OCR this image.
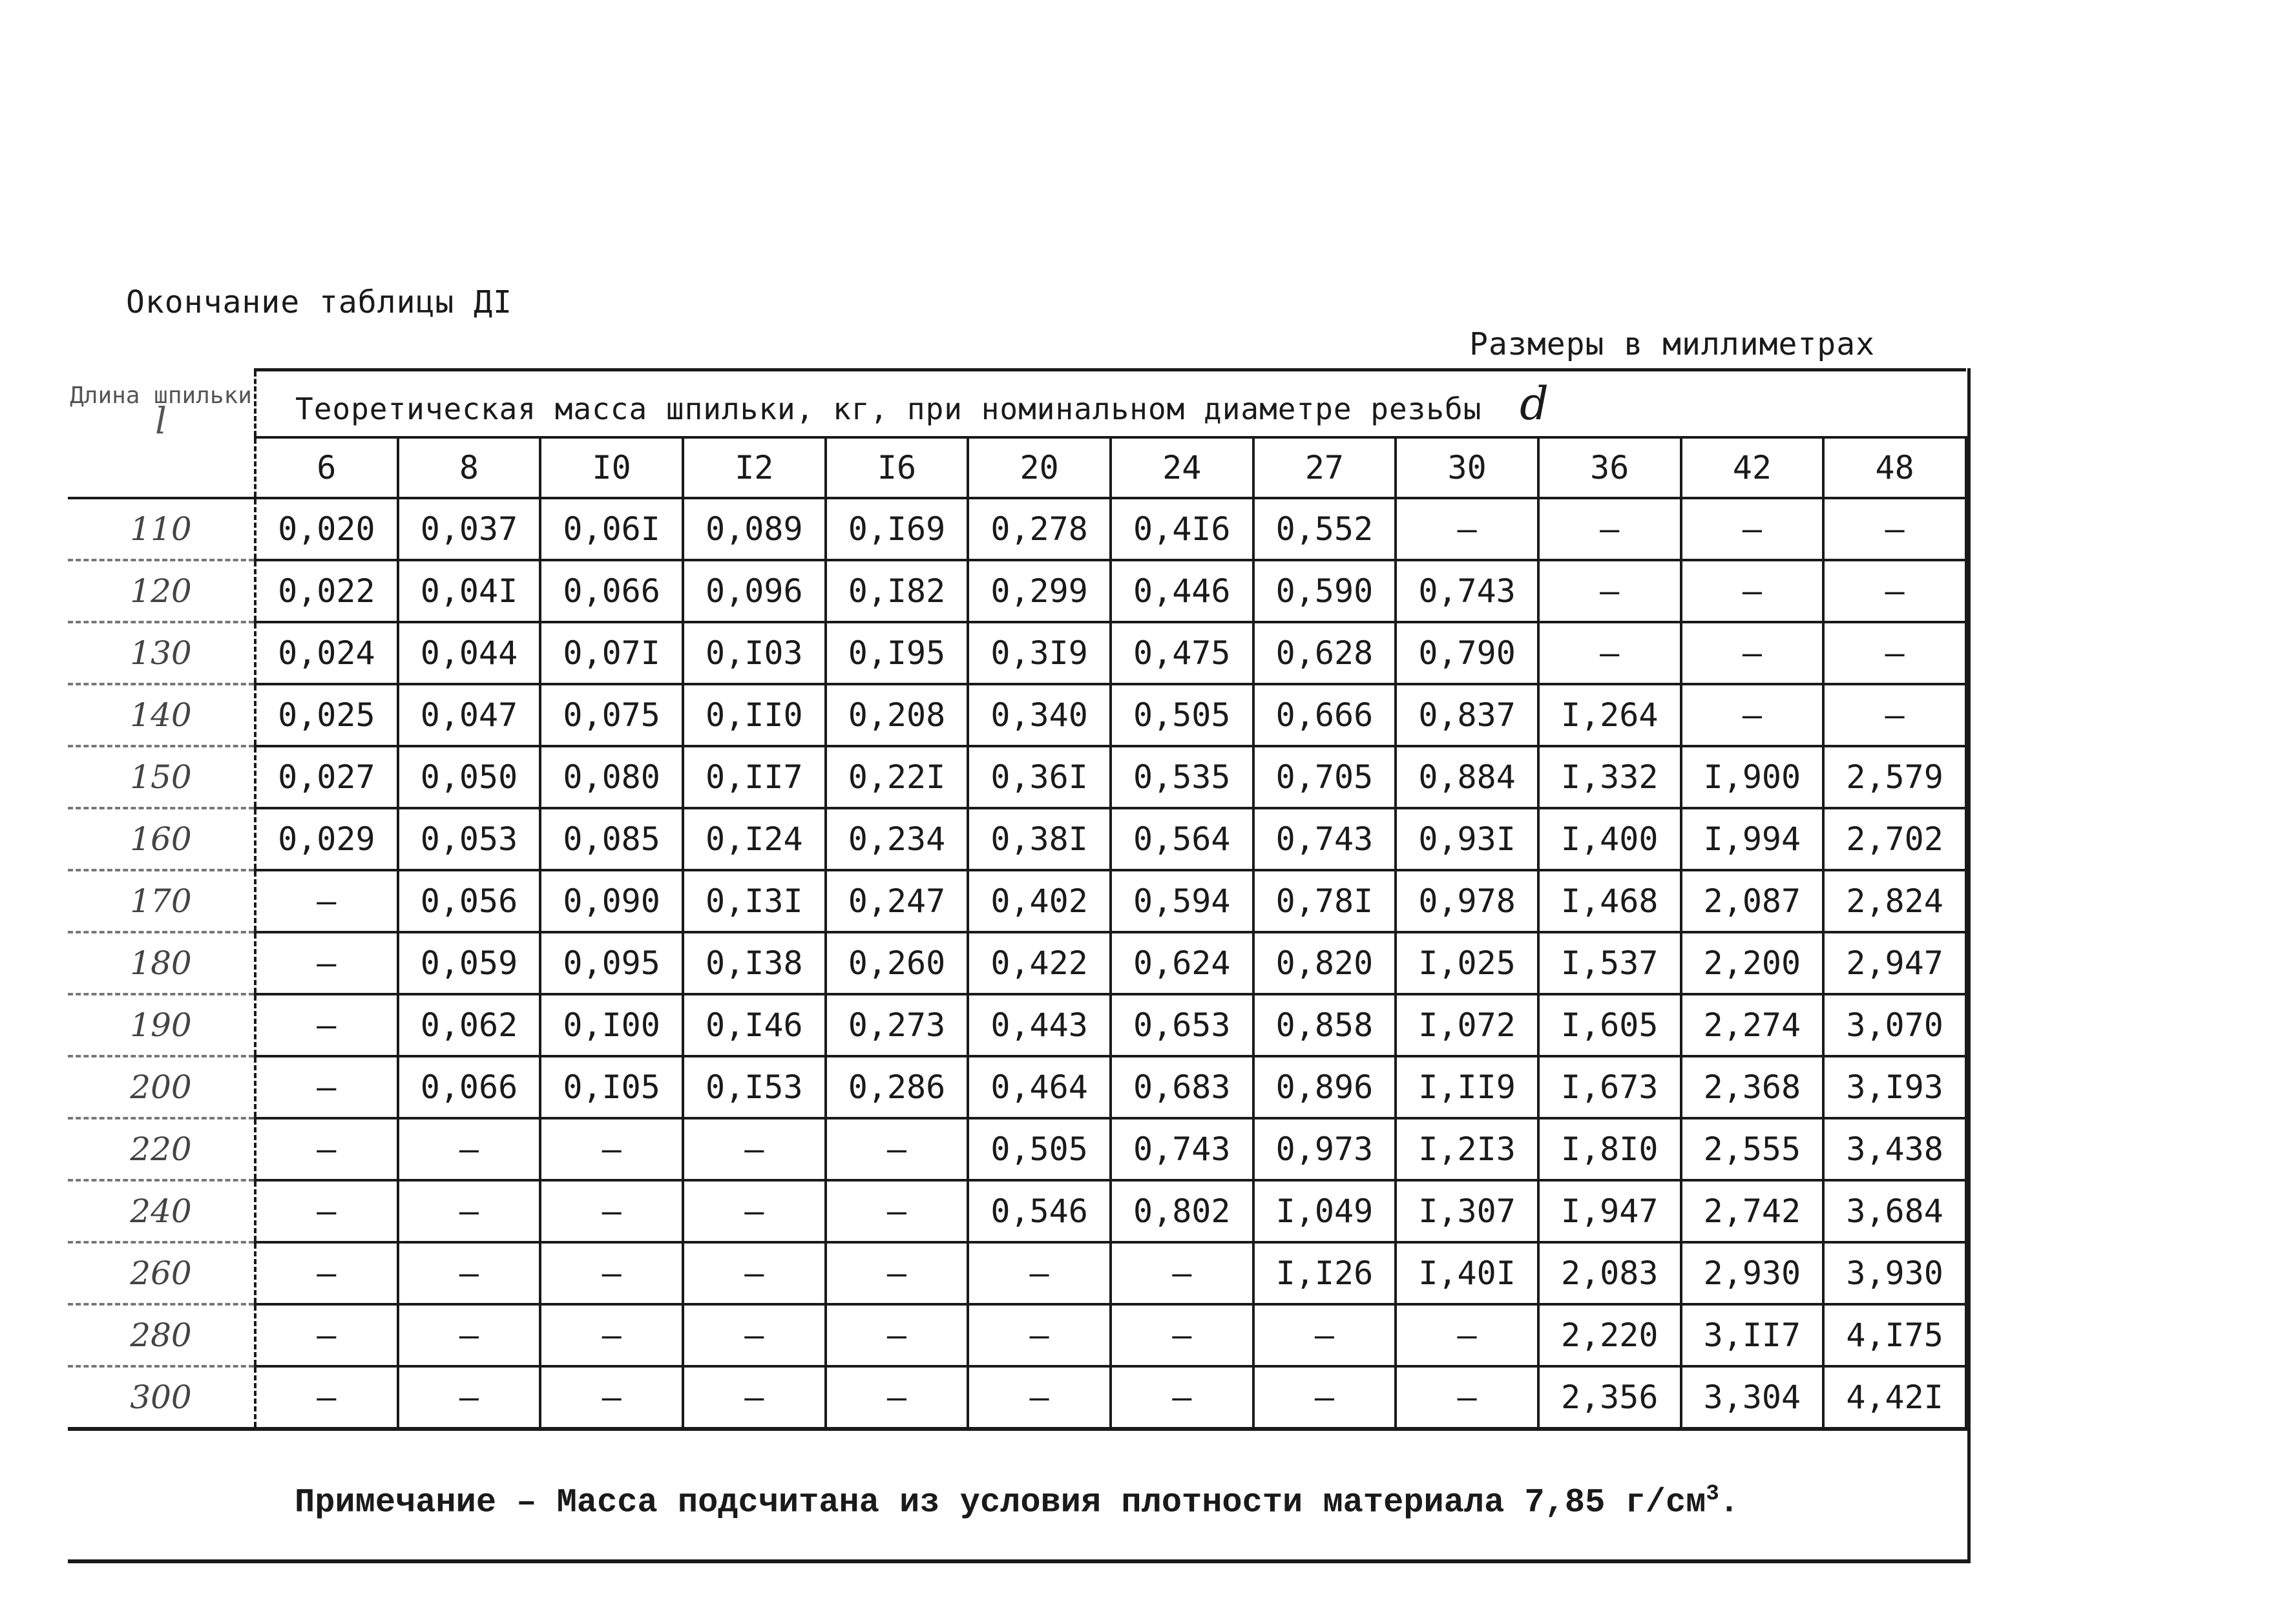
Окончание таблицы ДI
Размеры в миллиметрах
Длина шпильки
l	Теоретическая масса шпильки, кг, при номинальном диаметре резьбы d											
	6	8	I0	I2	I6	20	24	27	30	36	42	48
110	0,020	0,037	0,06I	0,089	0,I69	0,278	0,4I6	0,552	–	–	–	–
120	0,022	0,04I	0,066	0,096	0,I82	0,299	0,446	0,590	0,743	–	–	–
130	0,024	0,044	0,07I	0,I03	0,I95	0,3I9	0,475	0,628	0,790	–	–	–
140	0,025	0,047	0,075	0,II0	0,208	0,340	0,505	0,666	0,837	I,264	–	–
150	0,027	0,050	0,080	0,II7	0,22I	0,36I	0,535	0,705	0,884	I,332	I,900	2,579
160	0,029	0,053	0,085	0,I24	0,234	0,38I	0,564	0,743	0,93I	I,400	I,994	2,702
170	–	0,056	0,090	0,I3I	0,247	0,402	0,594	0,78I	0,978	I,468	2,087	2,824
180	–	0,059	0,095	0,I38	0,260	0,422	0,624	0,820	I,025	I,537	2,200	2,947
190	–	0,062	0,I00	0,I46	0,273	0,443	0,653	0,858	I,072	I,605	2,274	3,070
200	–	0,066	0,I05	0,I53	0,286	0,464	0,683	0,896	I,II9	I,673	2,368	3,I93
220	–	–	–	–	–	0,505	0,743	0,973	I,2I3	I,8I0	2,555	3,438
240	–	–	–	–	–	0,546	0,802	I,049	I,307	I,947	2,742	3,684
260	–	–	–	–	–	–	–	I,I26	I,40I	2,083	2,930	3,930
280	–	–	–	–	–	–	–	–	–	2,220	3,II7	4,I75
300	–	–	–	–	–	–	–	–	–	2,356	3,304	4,42I
Примечание – Масса подсчитана из условия плотности материала 7,85 $г/см^3$.												
